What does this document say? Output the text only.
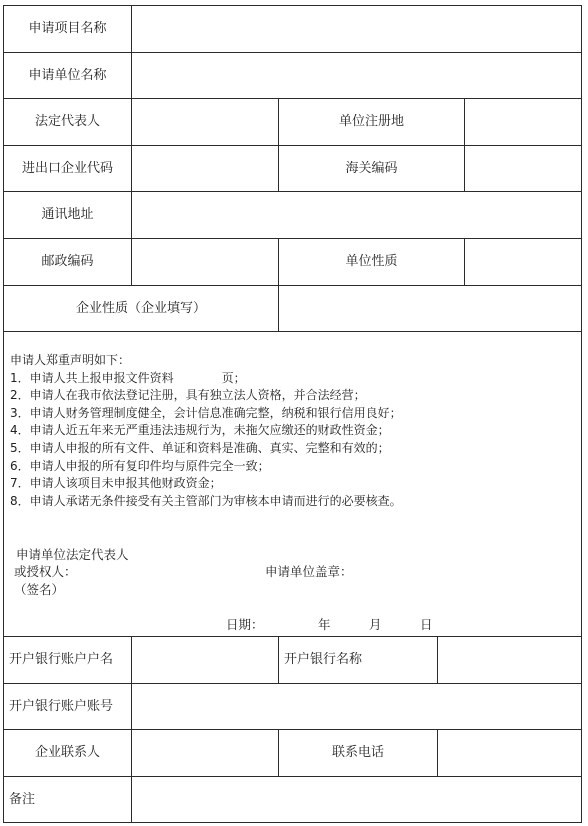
申请项目名称
申请单位名称
法定代表人	单位注册地
进出口企业代码	海关编码
通讯地址
邮政编码	单位性质
企业性质（企业填写）
申请人郑重声明如下：
1．申请人共上报申报文件资料　　　　页；
2．申请人在我市依法登记注册，具有独立法人资格，并合法经营；
3．申请人财务管理制度健全，会计信息准确完整，纳税和银行信用良好；
4．申请人近五年来无严重违法违规行为，未拖欠应缴还的财政性资金；
5．申请人申报的所有文件、单证和资料是准确、真实、完整和有效的；
6．申请人申报的所有复印件均与原件完全一致；
7．申请人该项目未申报其他财政资金；
8．申请人承诺无条件接受有关主管部门为审核本申请而进行的必要核查。
申请单位法定代表人
或授权人：
（签名）
申请单位盖章：
日期：	年	月	日
开户银行账户户名	开户银行名称
开户银行账户账号
企业联系人	联系电话
备注
